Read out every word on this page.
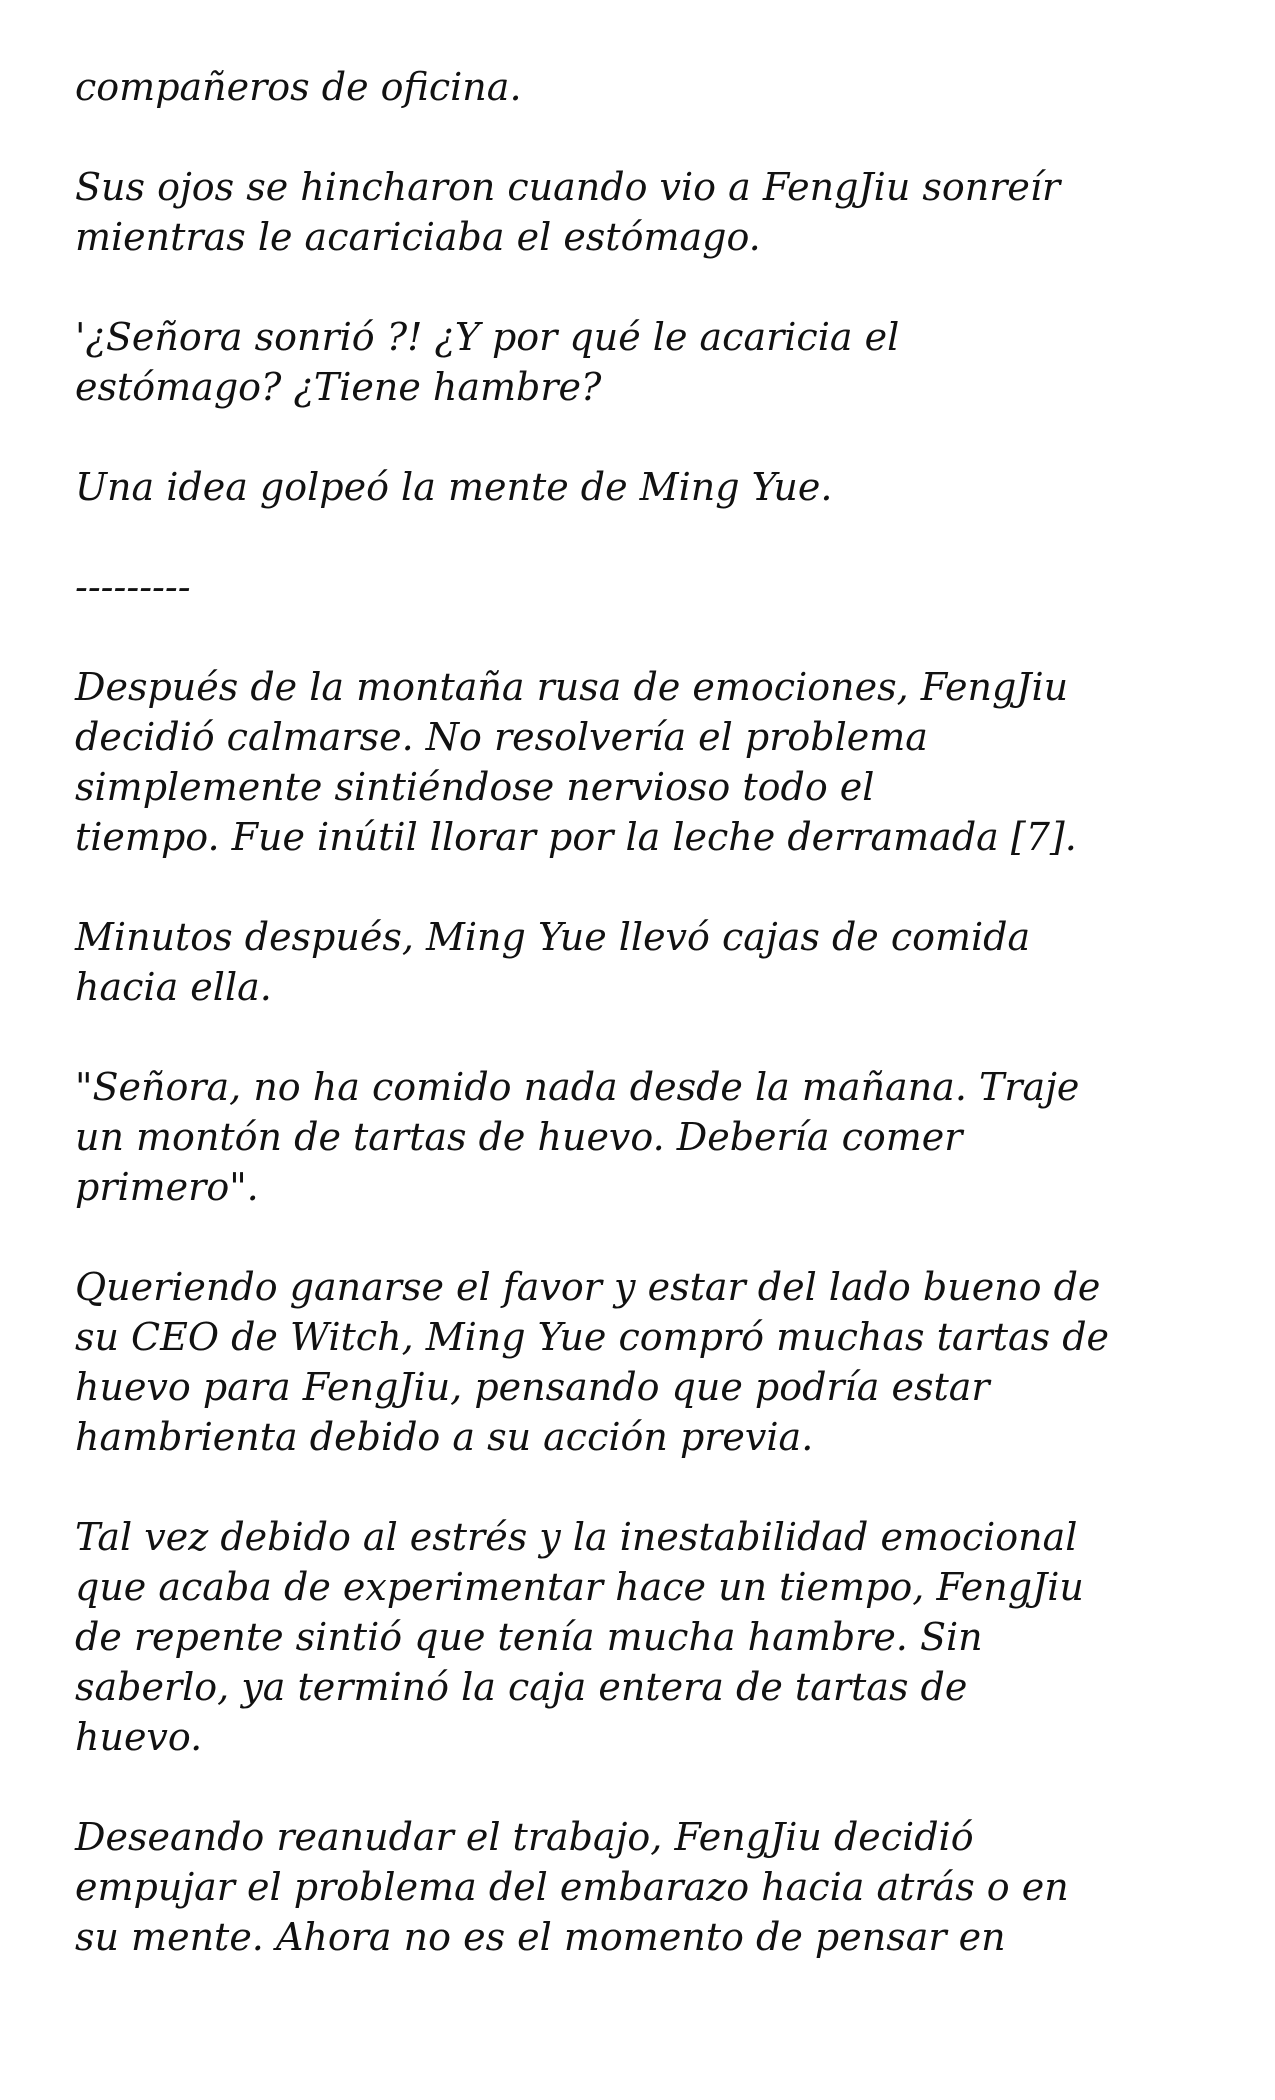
compañeros de oficina.

Sus ojos se hincharon cuando vio a FengJiu sonreír
mientras le acariciaba el estómago.

'¿Señora sonrió ?! ¿Y por qué le acaricia el
estómago? ¿Tiene hambre?

Una idea golpeó la mente de Ming Yue.

---------

Después de la montaña rusa de emociones, FengJiu
decidió calmarse. No resolvería el problema
simplemente sintiéndose nervioso todo el
tiempo. Fue inútil llorar por la leche derramada [7].

Minutos después, Ming Yue llevó cajas de comida
hacia ella.

"Señora, no ha comido nada desde la mañana. Traje
un montón de tartas de huevo. Debería comer
primero".

Queriendo ganarse el favor y estar del lado bueno de
su CEO de Witch, Ming Yue compró muchas tartas de
huevo para FengJiu, pensando que podría estar
hambrienta debido a su acción previa.

Tal vez debido al estrés y la inestabilidad emocional
que acaba de experimentar hace un tiempo, FengJiu
de repente sintió que tenía mucha hambre. Sin
saberlo, ya terminó la caja entera de tartas de
huevo.

Deseando reanudar el trabajo, FengJiu decidió
empujar el problema del embarazo hacia atrás o en
su mente. Ahora no es el momento de pensar en
